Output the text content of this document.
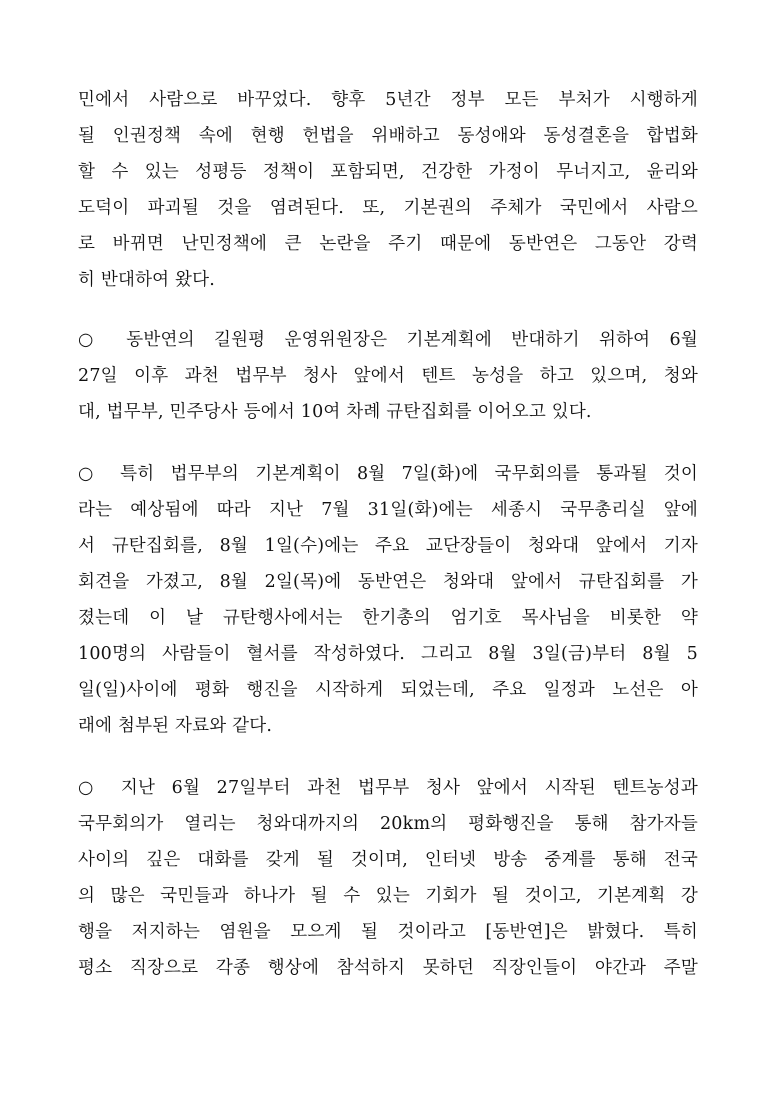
민에서 사람으로 바꾸었다. 향후 5년간 정부 모든 부처가 시행하게
될 인권정책 속에 현행 헌법을 위배하고 동성애와 동성결혼을 합법화
할 수 있는 성평등 정책이 포함되면, 건강한 가정이 무너지고, 윤리와
도덕이 파괴될 것을 염려된다. 또, 기본권의 주체가 국민에서 사람으
로 바뀌면 난민정책에 큰 논란을 주기 때문에 동반연은 그동안 강력
히 반대하여 왔다.
○ 동반연의 길원평 운영위원장은 기본계획에 반대하기 위하여 6월
27일 이후 과천 법무부 청사 앞에서 텐트 농성을 하고 있으며, 청와
대, 법무부, 민주당사 등에서 10여 차례 규탄집회를 이어오고 있다.
○ 특히 법무부의 기본계획이 8월 7일(화)에 국무회의를 통과될 것이
라는 예상됨에 따라 지난 7월 31일(화)에는 세종시 국무총리실 앞에
서 규탄집회를, 8월 1일(수)에는 주요 교단장들이 청와대 앞에서 기자
회견을 가졌고, 8월 2일(목)에 동반연은 청와대 앞에서 규탄집회를 가
졌는데 이 날 규탄행사에서는 한기총의 엄기호 목사님을 비롯한 약
100명의 사람들이 혈서를 작성하였다. 그리고 8월 3일(금)부터 8월 5
일(일)사이에 평화 행진을 시작하게 되었는데, 주요 일정과 노선은 아
래에 첨부된 자료와 같다.
○ 지난 6월 27일부터 과천 법무부 청사 앞에서 시작된 텐트농성과
국무회의가 열리는 청와대까지의 20km의 평화행진을 통해 참가자들
사이의 깊은 대화를 갖게 될 것이며, 인터넷 방송 중계를 통해 전국
의 많은 국민들과 하나가 될 수 있는 기회가 될 것이고, 기본계획 강
행을 저지하는 염원을 모으게 될 것이라고 [동반연]은 밝혔다. 특히
평소 직장으로 각종 행상에 참석하지 못하던 직장인들이 야간과 주말
